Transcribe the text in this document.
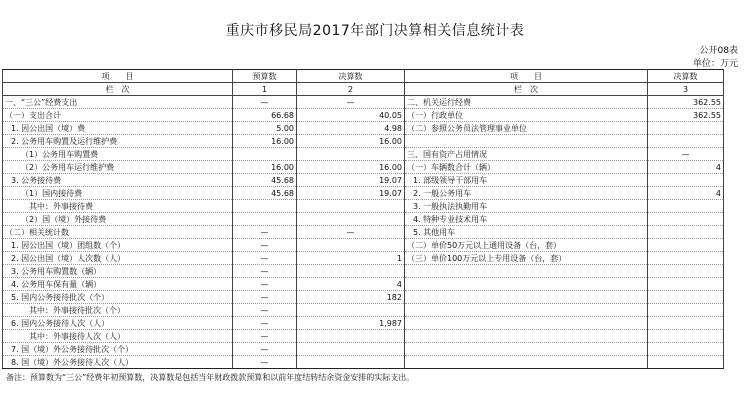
重庆市移民局2017年部门决算相关信息统计表
公开08表
单位：万元
项　　目	预算数	决算数	项　　目	决算数
栏　次	1	2	栏　次	3
一、“三公”经费支出	—	—	二、机关运行经费	362.55
（一）支出合计	66.68	40.05	（一）行政单位	362.55
1. 因公出国（境）费	5.00	4.98	（二）参照公务员法管理事业单位	
2. 公务用车购置及运行维护费	16.00	16.00		
（1）公务用车购置费			三、国有资产占用情况	—
（2）公务用车运行维护费	16.00	16.00	（一）车辆数合计（辆）	4
3. 公务接待费	45.68	19.07	1. 部级领导干部用车	
（1）国内接待费	45.68	19.07	2. 一般公务用车	4
其中：外事接待费			3. 一般执法执勤用车	
（2）国（境）外接待费			4. 特种专业技术用车	
（二）相关统计数	—	—	5. 其他用车	
1. 因公出国（境）团组数（个）	—		（二）单价50万元以上通用设备（台，套）	
2. 因公出国（境）人次数（人）	—	1	（三）单价100万元以上专用设备（台，套）	
3. 公务用车购置数（辆）	—			
4. 公务用车保有量（辆）	—	4		
5. 国内公务接待批次（个）	—	182		
其中：外事接待批次（个）	—			
6. 国内公务接待人次（人）	—	1,987		
其中：外事接待人次（人）	—			
7. 国（境）外公务接待批次（个）	—			
8. 国（境）外公务接待人次（人）	—			
备注：预算数为“三公”经费年初预算数，决算数是包括当年财政拨款预算和以前年度结转结余资金安排的实际支出。
